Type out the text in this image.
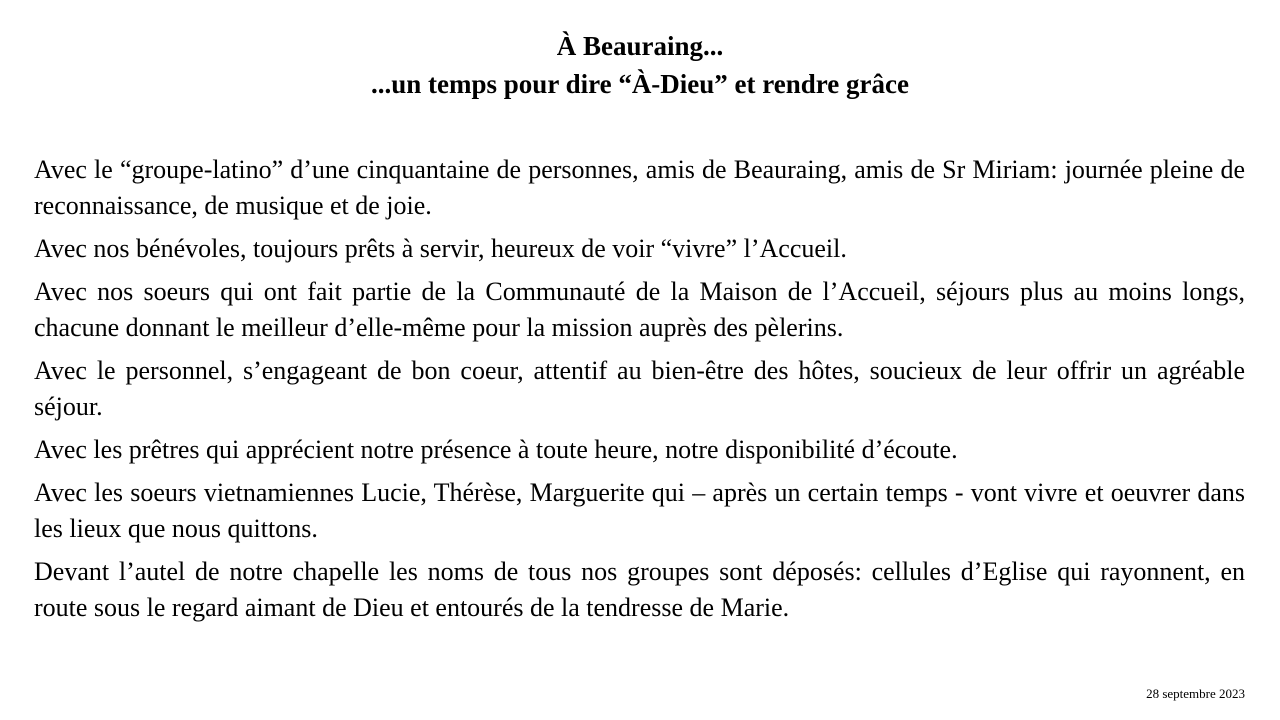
À Beauraing...
...un temps pour dire “À-Dieu” et rendre grâce

Avec le “groupe-latino” d’une cinquantaine de personnes, amis de Beauraing, amis de Sr Miriam: journée pleine de reconnaissance, de musique et de joie.

Avec nos bénévoles, toujours prêts à servir, heureux de voir “vivre” l’Accueil.

Avec nos soeurs qui ont fait partie de la Communauté de la Maison de l’Accueil, séjours plus au moins longs, chacune donnant le meilleur d’elle-même pour la mission auprès des pèlerins.

Avec le personnel, s’engageant de bon coeur, attentif au bien-être des hôtes, soucieux de leur offrir un agréable séjour.

Avec les prêtres qui apprécient notre présence à toute heure, notre disponibilité d’écoute.

Avec les soeurs vietnamiennes Lucie, Thérèse, Marguerite qui – après un certain temps - vont vivre et oeuvrer dans les lieux que nous quittons.

Devant l’autel de notre chapelle les noms de tous nos groupes sont déposés: cellules d’Eglise qui rayonnent, en route sous le regard aimant de Dieu et entourés de la tendresse de Marie.

28 septembre 2023
